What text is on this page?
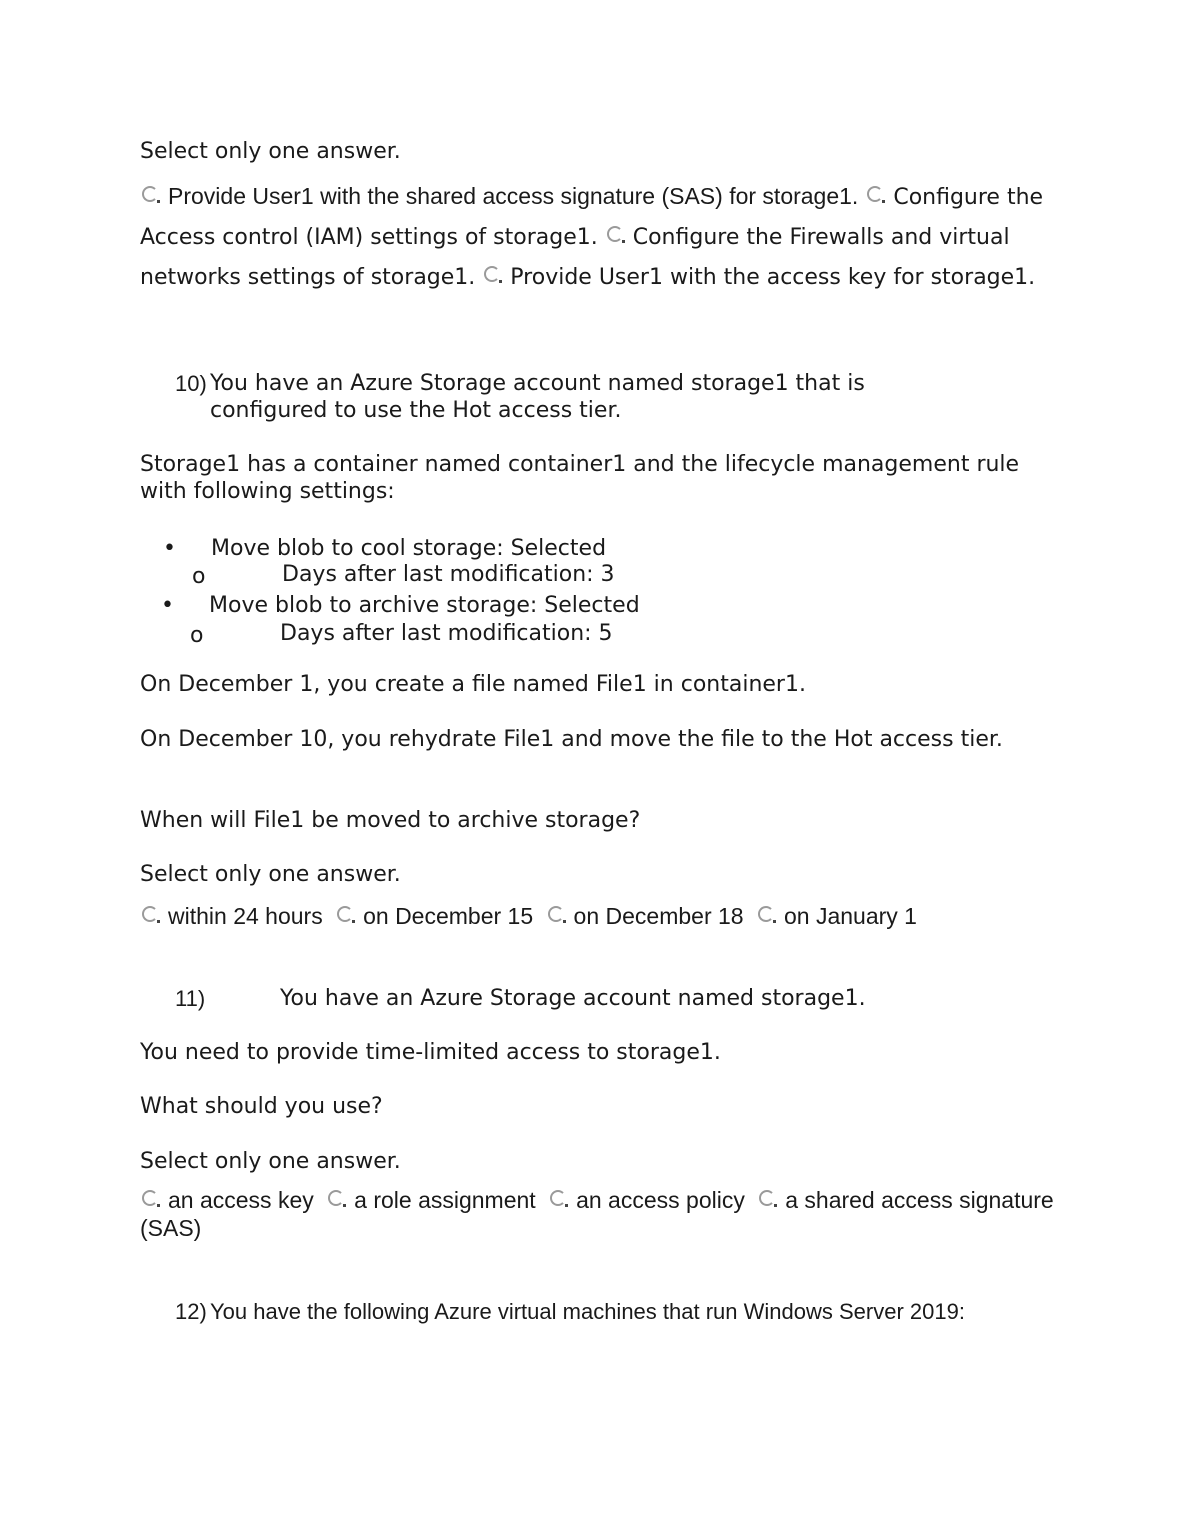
Select only one answer.
Provide User1 with the shared access signature (SAS) for storage1. Configure the Access control (IAM) settings of storage1. Configure the Firewalls and virtual networks settings of storage1. Provide User1 with the access key for storage1.
10) You have an Azure Storage account named storage1 that is configured to use the Hot access tier.
Storage1 has a container named container1 and the lifecycle management rule with following settings:
• Move blob to cool storage: Selected
o	Days after last modification: 3
• Move blob to archive storage: Selected
o	Days after last modification: 5
On December 1, you create a file named File1 in container1.
On December 10, you rehydrate File1 and move the file to the Hot access tier.
When will File1 be moved to archive storage?
Select only one answer.
within 24 hours on December 15 on December 18 on January 1
11)	You have an Azure Storage account named storage1.
You need to provide time-limited access to storage1.
What should you use?
Select only one answer.
an access key a role assignment an access policy a shared access signature (SAS)
12) You have the following Azure virtual machines that run Windows Server 2019:
